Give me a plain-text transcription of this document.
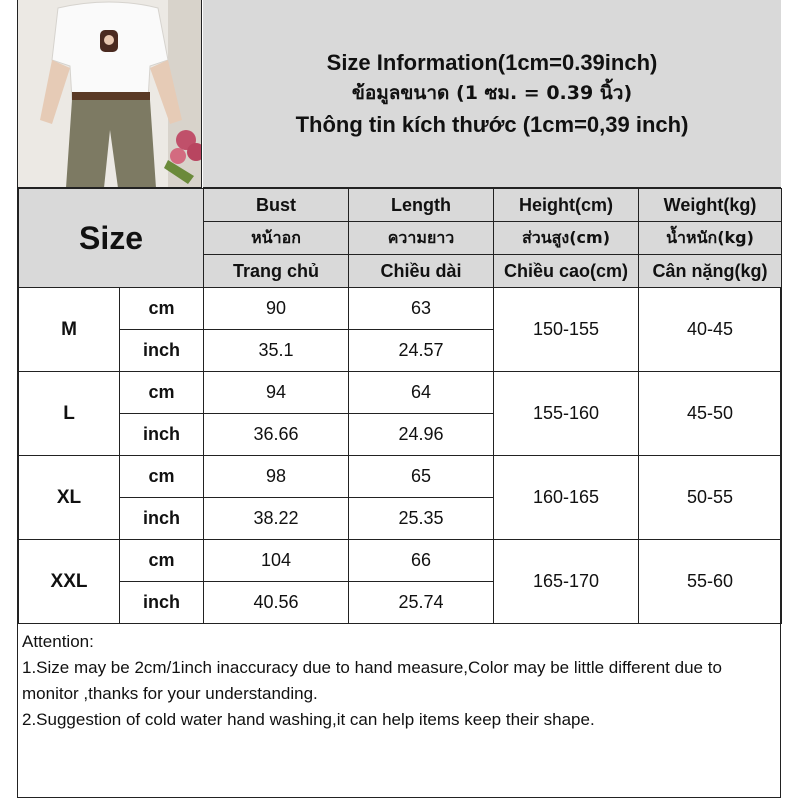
Size Information(1cm=0.39inch)
ข้อมูลขนาด (1 ซม. = 0.39 นิ้ว)
Thông tin kích thước (1cm=0,39 inch)
Size		Bust	Length	Height(cm)	Weight(kg)
		หน้าอก	ความยาว	ส่วนสูง(cm)	น้ำหนัก(kg)
		Trang chủ	Chiều dài	Chiều cao(cm)	Cân nặng(kg)
M	cm	90	63	150-155	40-45
	inch	35.1	24.57		
L	cm	94	64	155-160	45-50
	inch	36.66	24.96		
XL	cm	98	65	160-165	50-55
	inch	38.22	25.35		
XXL	cm	104	66	165-170	55-60
	inch	40.56	25.74		

Attention:

1.Size may be 2cm/1inch inaccuracy due to hand measure,Color may be little different due to monitor ,thanks for your understanding.

2.Suggestion of cold water hand washing,it can help items keep their shape.
